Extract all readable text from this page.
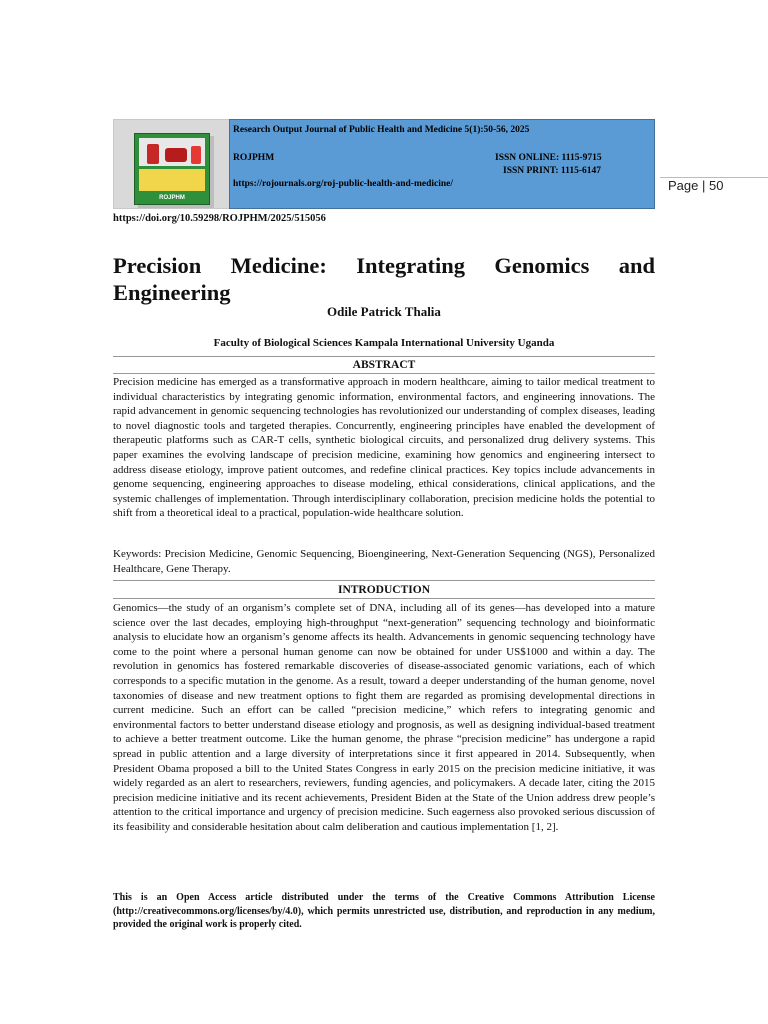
ROJPHM
Research Output Journal of Public Health and Medicine 5(1):50-56, 2025
ROJPHM	ISSN ONLINE: 1115-9715
ISSN PRINT: 1115-6147
https://rojournals.org/roj-public-health-and-medicine/	Page | 50
https://doi.org/10.59298/ROJPHM/2025/515056
Precision Medicine: Integrating Genomics and Engineering
Odile Patrick Thalia
Faculty of Biological Sciences Kampala International University Uganda
ABSTRACT
Precision medicine has emerged as a transformative approach in modern healthcare, aiming to tailor medical treatment to individual characteristics by integrating genomic information, environmental factors, and engineering innovations. The rapid advancement in genomic sequencing technologies has revolutionized our understanding of complex diseases, leading to novel diagnostic tools and targeted therapies. Concurrently, engineering principles have enabled the development of therapeutic platforms such as CAR-T cells, synthetic biological circuits, and personalized drug delivery systems. This paper examines the evolving landscape of precision medicine, examining how genomics and engineering intersect to address disease etiology, improve patient outcomes, and redefine clinical practices. Key topics include advancements in genome sequencing, engineering approaches to disease modeling, ethical considerations, clinical applications, and the systemic challenges of implementation. Through interdisciplinary collaboration, precision medicine holds the potential to shift from a theoretical ideal to a practical, population-wide healthcare solution.
Keywords: Precision Medicine, Genomic Sequencing, Bioengineering, Next-Generation Sequencing (NGS), Personalized Healthcare, Gene Therapy.
INTRODUCTION
Genomics—the study of an organism’s complete set of DNA, including all of its genes—has developed into a mature science over the last decades, employing high-throughput “next-generation” sequencing technology and bioinformatic analysis to elucidate how an organism’s genome affects its health. Advancements in genomic sequencing technology have come to the point where a personal human genome can now be obtained for under US$1000 and within a day. The revolution in genomics has fostered remarkable discoveries of disease-associated genomic variations, each of which corresponds to a specific mutation in the genome. As a result, toward a deeper understanding of the human genome, novel taxonomies of disease and new treatment options to fight them are regarded as promising developmental directions in current medicine. Such an effort can be called “precision medicine,” which refers to integrating genomic and environmental factors to better understand disease etiology and prognosis, as well as designing individual-based treatment to achieve a better treatment outcome. Like the human genome, the phrase “precision medicine” has undergone a rapid spread in public attention and a large diversity of interpretations since it first appeared in 2014. Subsequently, when President Obama proposed a bill to the United States Congress in early 2015 on the precision medicine initiative, it was widely regarded as an alert to researchers, reviewers, funding agencies, and policymakers. A decade later, citing the 2015 precision medicine initiative and its recent achievements, President Biden at the State of the Union address drew people’s attention to the critical importance and urgency of precision medicine. Such eagerness also provoked serious discussion of its feasibility and considerable hesitation about calm deliberation and cautious implementation [1, 2].
This is an Open Access article distributed under the terms of the Creative Commons Attribution License (http://creativecommons.org/licenses/by/4.0), which permits unrestricted use, distribution, and reproduction in any medium, provided the original work is properly cited.
